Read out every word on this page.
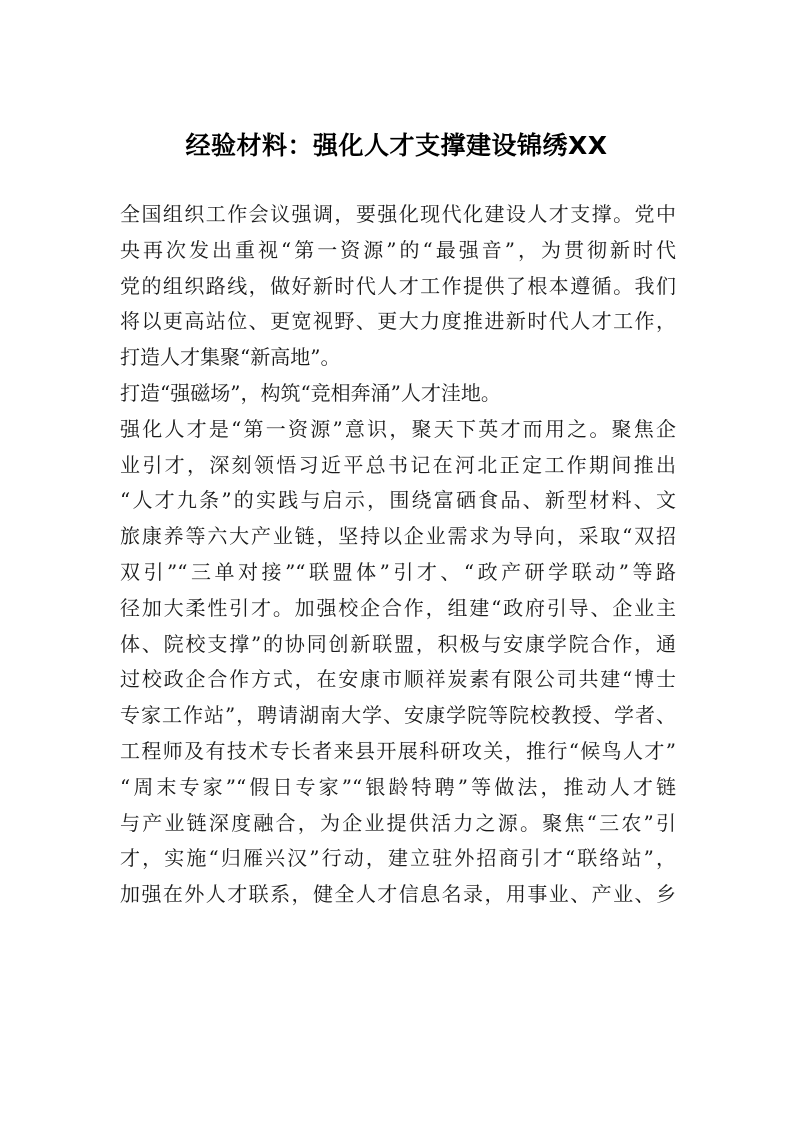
经验材料：强化人才支撑建设锦绣XX
全国组织工作会议强调，要强化现代化建设人才支撑。党中
央再次发出重视“第一资源”的“最强音”，为贯彻新时代
党的组织路线，做好新时代人才工作提供了根本遵循。我们
将以更高站位、更宽视野、更大力度推进新时代人才工作，
打造人才集聚“新高地”。
打造“强磁场”，构筑“竞相奔涌”人才洼地。
强化人才是“第一资源”意识，聚天下英才而用之。聚焦企
业引才，深刻领悟习近平总书记在河北正定工作期间推出
“人才九条”的实践与启示，围绕富硒食品、新型材料、文
旅康养等六大产业链，坚持以企业需求为导向，采取“双招
双引”“三单对接”“联盟体”引才、“政产研学联动”等路
径加大柔性引才。加强校企合作，组建“政府引导、企业主
体、院校支撑”的协同创新联盟，积极与安康学院合作，通
过校政企合作方式，在安康市顺祥炭素有限公司共建“博士
专家工作站”，聘请湖南大学、安康学院等院校教授、学者、
工程师及有技术专长者来县开展科研攻关，推行“候鸟人才”
“周末专家”“假日专家”“银龄特聘”等做法，推动人才链
与产业链深度融合，为企业提供活力之源。聚焦“三农”引
才，实施“归雁兴汉”行动，建立驻外招商引才“联络站”，
加强在外人才联系，健全人才信息名录，用事业、产业、乡
